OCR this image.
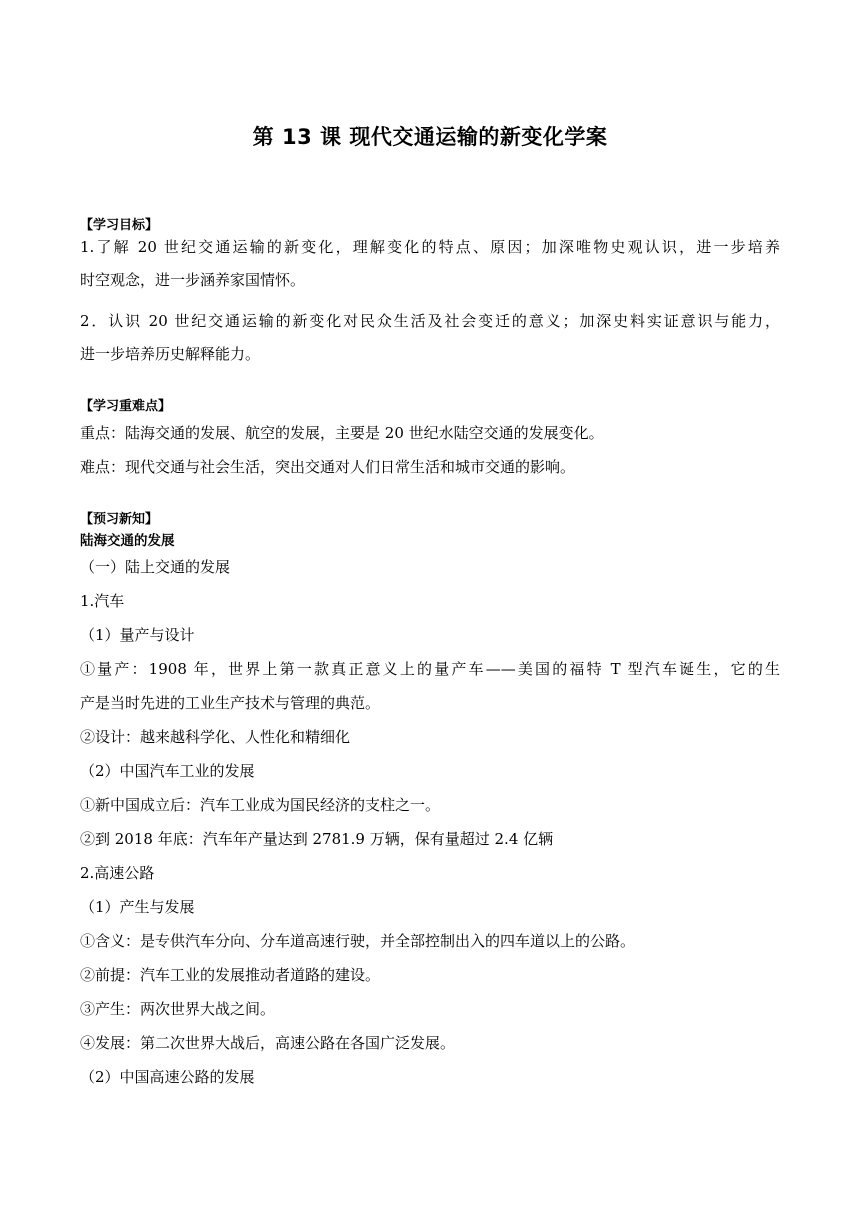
第 13 课 现代交通运输的新变化学案
【学习目标】
1.了解 20 世纪交通运输的新变化，理解变化的特点、原因；加深唯物史观认识，进一步培养
时空观念，进一步涵养家国情怀。
2．认识 20 世纪交通运输的新变化对民众生活及社会变迁的意义；加深史料实证意识与能力，
进一步培养历史解释能力。
【学习重难点】
重点：陆海交通的发展、航空的发展，主要是 20 世纪水陆空交通的发展变化。
难点：现代交通与社会生活，突出交通对人们日常生活和城市交通的影响。
【预习新知】
陆海交通的发展
（一）陆上交通的发展
1.汽车
（1）量产与设计
①量产：1908 年，世界上第一款真正意义上的量产车——美国的福特 T 型汽车诞生，它的生
产是当时先进的工业生产技术与管理的典范。
②设计：越来越科学化、人性化和精细化
（2）中国汽车工业的发展
①新中国成立后：汽车工业成为国民经济的支柱之一。
②到 2018 年底：汽车年产量达到 2781.9 万辆，保有量超过 2.4 亿辆
2.高速公路
（1）产生与发展
①含义：是专供汽车分向、分车道高速行驶，并全部控制出入的四车道以上的公路。
②前提：汽车工业的发展推动者道路的建设。
③产生：两次世界大战之间。
④发展：第二次世界大战后，高速公路在各国广泛发展。
（2）中国高速公路的发展
